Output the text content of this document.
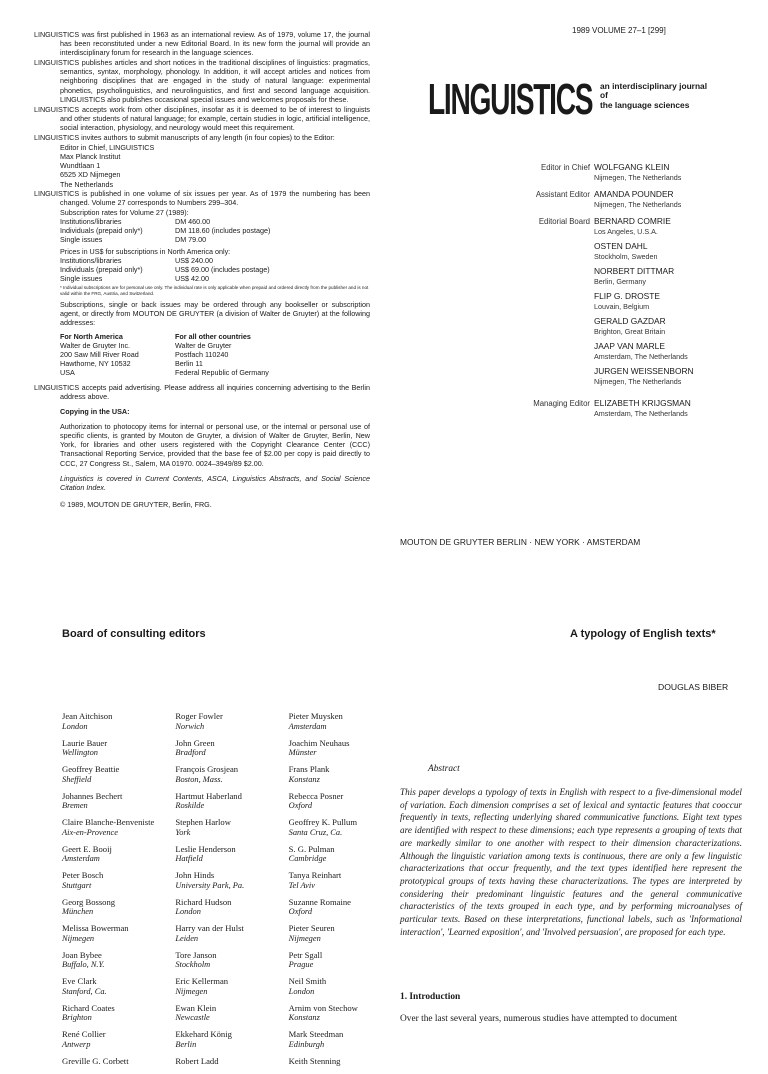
LINGUISTICS was first published in 1963 as an international review. As of 1979, volume 17, the journal has been reconstituted under a new Editorial Board. In its new form the journal will provide an interdisciplinary forum for research in the language sciences.

LINGUISTICS publishes articles and short notices in the traditional disciplines of linguistics: pragmatics, semantics, syntax, morphology, phonology. In addition, it will accept articles and notices from neighboring disciplines that are engaged in the study of natural language: experimental phonetics, psycholinguistics, and neurolinguistics, and first and second language acquisition. LINGUISTICS also publishes occasional special issues and welcomes proposals for these.

LINGUISTICS accepts work from other disciplines, insofar as it is deemed to be of interest to linguists and other students of natural language; for example, certain studies in logic, artificial intelligence, social interaction, physiology, and neurology would meet this requirement.

LINGUISTICS invites authors to submit manuscripts of any length (in four copies) to the Editor:

Editor in Chief, LINGUISTICS
Max Planck Institut
Wundtlaan 1
6525 XD Nijmegen
The Netherlands

LINGUISTICS is published in one volume of six issues per year. As of 1979 the numbering has been changed. Volume 27 corresponds to Numbers 299–304.

Subscription rates for Volume 27 (1989):
Institutions/libraries	DM 460.00
Individuals (prepaid only*)	DM 118.60 (includes postage)
Single issues	DM 79.00
Prices in US$ for subscriptions in North America only:
Institutions/libraries	US$ 240.00
Individuals (prepaid only*)	US$ 69.00 (includes postage)
Single issues	US$ 42.00
* Individual subscriptions are for personal use only. The individual rate is only applicable when prepaid and ordered directly from the publisher and is not valid within the FRG, Austria, and Switzerland.
Subscriptions, single or back issues may be ordered through any bookseller or subscription agent, or directly from MOUTON DE GRUYTER (a division of Walter de Gruyter) at the following addresses:
For North America
Walter de Gruyter Inc.
200 Saw Mill River Road
Hawthorne, NY 10532
USA
For all other countries
Walter de Gruyter
Postfach 110240
Berlin 11
Federal Republic of Germany

LINGUISTICS accepts paid advertising. Please address all inquiries concerning advertising to the Berlin address above.

Copying in the USA:
Authorization to photocopy items for internal or personal use, or the internal or personal use of specific clients, is granted by Mouton de Gruyter, a division of Walter de Gruyter, Berlin, New York, for libraries and other users registered with the Copyright Clearance Center (CCC) Transactional Reporting Service, provided that the base fee of $2.00 per copy is paid directly to CCC, 27 Congress St., Salem, MA 01970. 0024–3949/89 $2.00.
Linguistics is covered in Current Contents, ASCA, Linguistics Abstracts, and Social Science Citation Index.
© 1989, MOUTON DE GRUYTER, Berlin, FRG.
1989 VOLUME 27–1 [299]
LINGUISTICS an interdisciplinary journal
of
the language sciences
Editor in Chief WOLFGANG KLEIN
Nijmegen, The Netherlands
Assistant Editor AMANDA POUNDER
Nijmegen, The Netherlands
Editorial Board BERNARD COMRIE
Los Angeles, U.S.A.
OSTEN DAHL
Stockholm, Sweden
NORBERT DITTMAR
Berlin, Germany
FLIP G. DROSTE
Louvain, Belgium
GERALD GAZDAR
Brighton, Great Britain
JAAP VAN MARLE
Amsterdam, The Netherlands
JURGEN WEISSENBORN
Nijmegen, The Netherlands
Managing Editor ELIZABETH KRIJGSMAN
Amsterdam, The Netherlands
MOUTON DE GRUYTER BERLIN · NEW YORK · AMSTERDAM
Board of consulting editors
Jean Aitchison
London
Laurie Bauer
Wellington
Geoffrey Beattie
Sheffield
Johannes Bechert
Bremen
Claire Blanche-Benveniste
Aix-en-Provence
Geert E. Booij
Amsterdam
Peter Bosch
Stuttgart
Georg Bossong
München
Melissa Bowerman
Nijmegen
Joan Bybee
Buffalo, N.Y.
Eve Clark
Stanford, Ca.
Richard Coates
Brighton
René Collier
Antwerp
Greville G. Corbett
Roger Fowler
Norwich
John Green
Bradford
François Grosjean
Boston, Mass.
Hartmut Haberland
Roskilde
Stephen Harlow
York
Leslie Henderson
Hatfield
John Hinds
University Park, Pa.
Richard Hudson
London
Harry van der Hulst
Leiden
Tore Janson
Stockholm
Eric Kellerman
Nijmegen
Ewan Klein
Newcastle
Ekkehard König
Berlin
Robert Ladd
Pieter Muysken
Amsterdam
Joachim Neuhaus
Münster
Frans Plank
Konstanz
Rebecca Posner
Oxford
Geoffrey K. Pullum
Santa Cruz, Ca.
S. G. Pulman
Cambridge
Tanya Reinhart
Tel Aviv
Suzanne Romaine
Oxford
Pieter Seuren
Nijmegen
Petr Sgall
Prague
Neil Smith
London
Arnim von Stechow
Konstanz
Mark Steedman
Edinburgh
Keith Stenning
A typology of English texts*
DOUGLAS BIBER
Abstract
This paper develops a typology of texts in English with respect to a five-dimensional model of variation. Each dimension comprises a set of lexical and syntactic features that cooccur frequently in texts, reflecting underlying shared communicative functions. Eight text types are identified with respect to these dimensions; each type represents a grouping of texts that are markedly similar to one another with respect to their dimension characterizations. Although the linguistic variation among texts is continuous, there are only a few linguistic characterizations that occur frequently, and the text types identified here represent the prototypical groups of texts having these characterizations. The types are interpreted by considering their predominant linguistic features and the general communicative characteristics of the texts grouped in each type, and by performing microanalyses of particular texts. Based on these interpretations, functional labels, such as 'Informational interaction', 'Learned exposition', and 'Involved persuasion', are proposed for each type.
1. Introduction
Over the last several years, numerous studies have attempted to document
